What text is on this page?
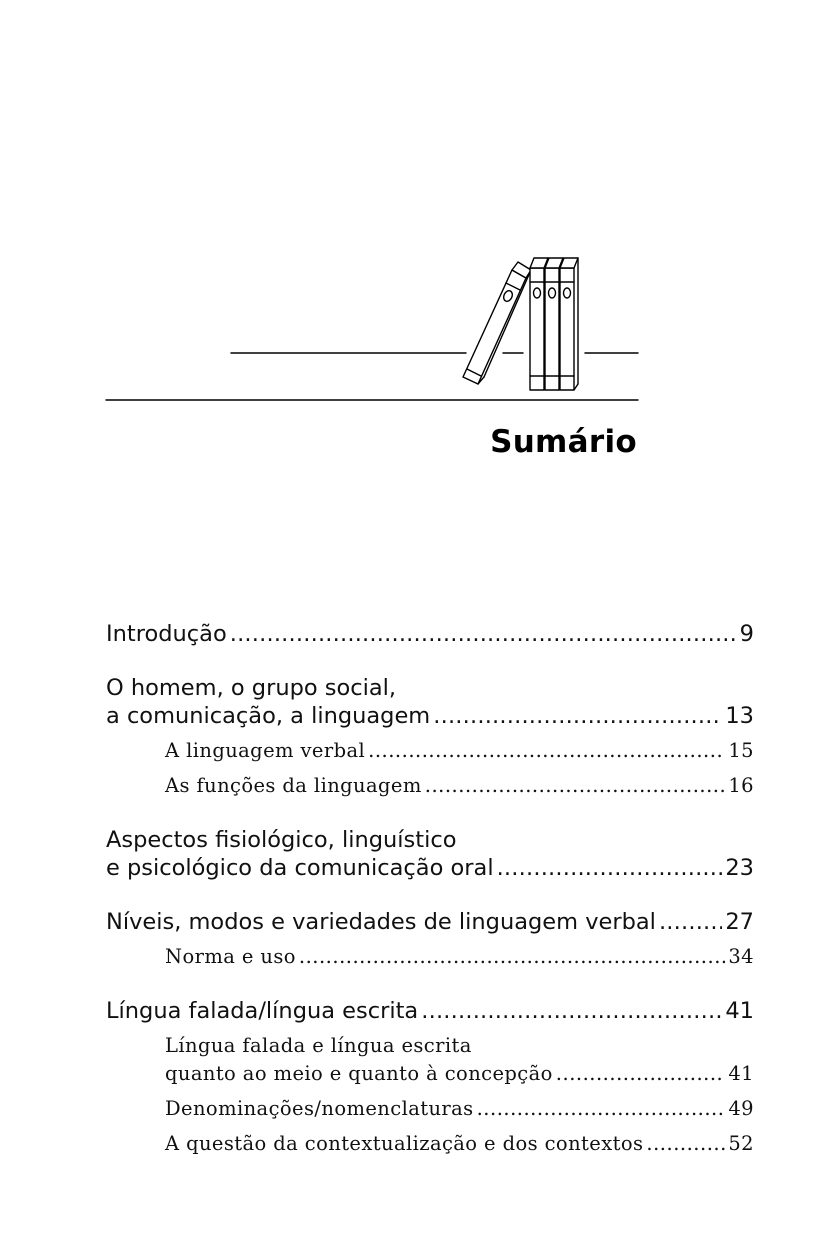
Sumário
Introdução .....	9
O homem, o grupo social,
a comunicação, a linguagem .....	13
A linguagem verbal .....	15
As funções da linguagem .....	16
Aspectos fisiológico, linguístico
e psicológico da comunicação oral .....	23
Níveis, modos e variedades de linguagem verbal .....	27
Norma e uso .....	34
Língua falada/língua escrita .....	41
Língua falada e língua escrita
quanto ao meio e quanto à concepção .....	41
Denominações/nomenclaturas .....	49
A questão da contextualização e dos contextos .....	52
